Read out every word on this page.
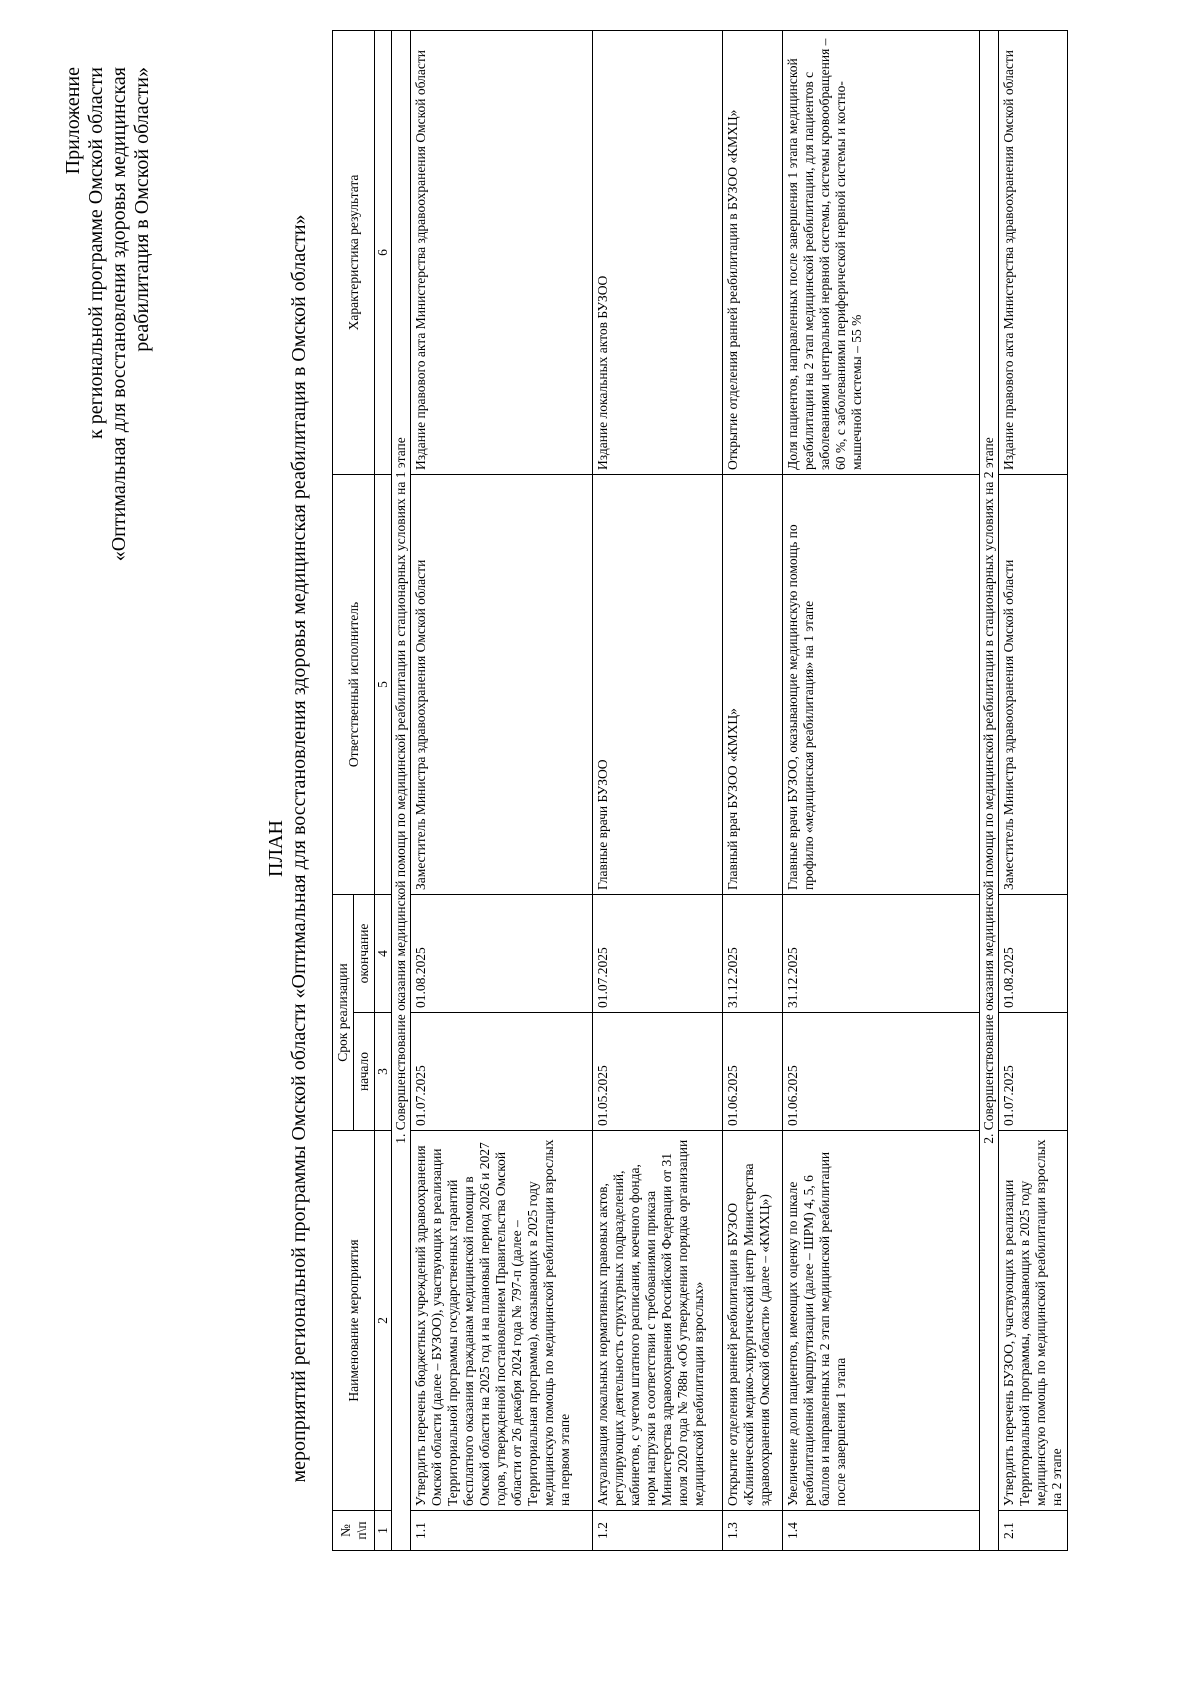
Приложение к региональной программе Омской области «Оптимальная для восстановления здоровья медицинская реабилитация в Омской области»
ПЛАН мероприятий региональной программы Омской области «Оптимальная для восстановления здоровья медицинская реабилитация в Омской области»
№ п\п	Наименование мероприятия	Срок реализации		Ответственный исполнитель	Характеристика результата
		начало	окончание		
1	2	3	4	5	6
1. Совершенствование оказания медицинской помощи по медицинской реабилитации в стационарных условиях на 1 этапе					
1.1	Утвердить перечень бюджетных учреждений здравоохранения Омской области (далее – БУЗОО), участвующих в реализации Территориальной программы государственных гарантий бесплатного оказания гражданам медицинской помощи в Омской области на 2025 год и на плановый период 2026 и 2027 годов, утвержденной постановлением Правительства Омской области от 26 декабря 2024 года № 797-п (далее – Территориальная программа), оказывающих в 2025 году медицинскую помощь по медицинской реабилитации взрослых на первом этапе	01.07.2025	01.08.2025	Заместитель Министра здравоохранения Омской области	Издание правового акта Министерства здравоохранения Омской области
1.2	Актуализация локальных нормативных правовых актов, регулирующих деятельность структурных подразделений, кабинетов, с учетом штатного расписания, коечного фонда, норм нагрузки в соответствии с требованиями приказа Министерства здравоохранения Российской Федерации от 31 июля 2020 года № 788н «Об утверждении порядка организации медицинской реабилитации взрослых»	01.05.2025	01.07.2025	Главные врачи БУЗОО	Издание локальных актов БУЗОО
1.3	Открытие отделения ранней реабилитации в БУЗОО «Клинический медико-хирургический центр Министерства здравоохранения Омской области» (далее – «КМХЦ»)	01.06.2025	31.12.2025	Главный врач БУЗОО «КМХЦ»	Открытие отделения ранней реабилитации в БУЗОО «КМХЦ»
1.4	Увеличение доли пациентов, имеющих оценку по шкале реабилитационной маршрутизации (далее – ШРМ) 4, 5, 6 баллов и направленных на 2 этап медицинской реабилитации после завершения 1 этапа	01.06.2025	31.12.2025	Главные врачи БУЗОО, оказывающие медицинскую помощь по профилю «медицинская реабилитация» на 1 этапе	Доля пациентов, направленных после завершения 1 этапа медицинской реабилитации на 2 этап медицинской реабилитации, для пациентов с заболеваниями центральной нервной системы, системы кровообращения – 60 %, с заболеваниями периферической нервной системы и костно-мышечной системы – 55 %
2. Совершенствование оказания медицинской помощи по медицинской реабилитации в стационарных условиях на 2 этапе					
2.1	Утвердить перечень БУЗОО, участвующих в реализации Территориальной программы, оказывающих в 2025 году медицинскую помощь по медицинской реабилитации взрослых на 2 этапе	01.07.2025	01.08.2025	Заместитель Министра здравоохранения Омской области	Издание правового акта Министерства здравоохранения Омской области
